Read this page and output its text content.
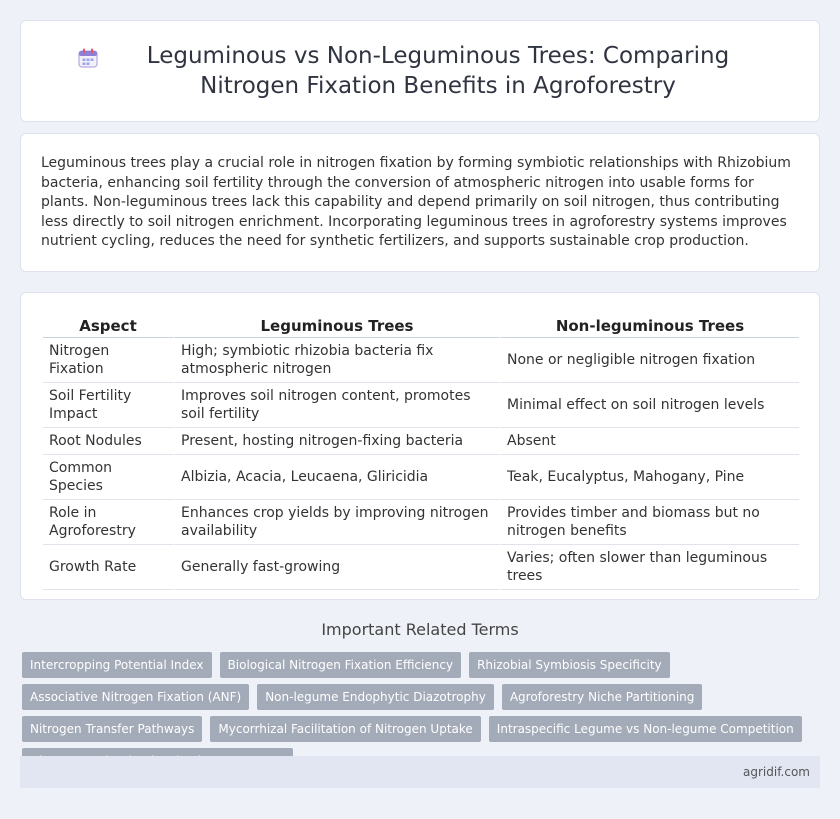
Leguminous vs Non-Leguminous Trees: Comparing Nitrogen Fixation Benefits in Agroforestry

Leguminous trees play a crucial role in nitrogen fixation by forming symbiotic relationships with Rhizobium bacteria, enhancing soil fertility through the conversion of atmospheric nitrogen into usable forms for plants. Non-leguminous trees lack this capability and depend primarily on soil nitrogen, thus contributing less directly to soil nitrogen enrichment. Incorporating leguminous trees in agroforestry systems improves nutrient cycling, reduces the need for synthetic fertilizers, and supports sustainable crop production.

Aspect	Leguminous Trees	Non-leguminous Trees
Nitrogen Fixation	High; symbiotic rhizobia bacteria fix atmospheric nitrogen	None or negligible nitrogen fixation
Soil Fertility Impact	Improves soil nitrogen content, promotes soil fertility	Minimal effect on soil nitrogen levels
Root Nodules	Present, hosting nitrogen-fixing bacteria	Absent
Common Species	Albizia, Acacia, Leucaena, Gliricidia	Teak, Eucalyptus, Mahogany, Pine
Role in Agroforestry	Enhances crop yields by improving nitrogen availability	Provides timber and biomass but no nitrogen benefits
Growth Rate	Generally fast-growing	Varies; often slower than leguminous trees
Important Related Terms
Intercropping Potential Index	Biological Nitrogen Fixation Efficiency	Rhizobial Symbiosis Specificity
Associative Nitrogen Fixation (ANF)	Non-legume Endophytic Diazotrophy	Agroforestry Niche Partitioning
Nitrogen Transfer Pathways	Mycorrhizal Facilitation of Nitrogen Uptake	Intraspecific Legume vs Non-legume Competition
agridif.com
